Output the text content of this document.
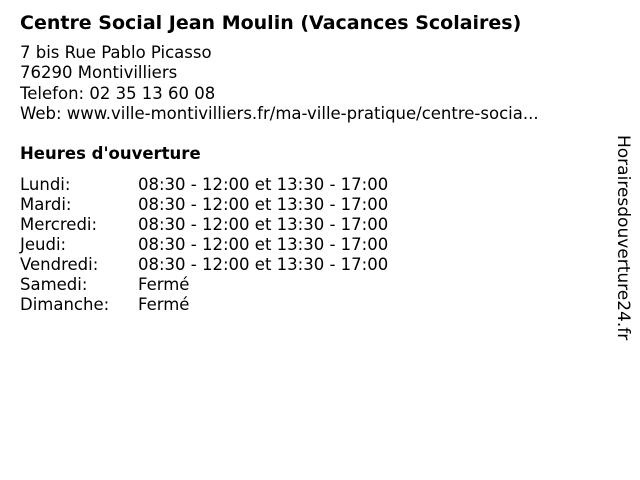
Centre Social Jean Moulin (Vacances Scolaires)
7 bis Rue Pablo Picasso
76290 Montivilliers
Telefon: 02 35 13 60 08
Web: www.ville-montivilliers.fr/ma-ville-pratique/centre-socia...
Heures d'ouverture
Lundi:	08:30 - 12:00 et 13:30 - 17:00
Mardi:	08:30 - 12:00 et 13:30 - 17:00
Mercredi:	08:30 - 12:00 et 13:30 - 17:00
Jeudi:	08:30 - 12:00 et 13:30 - 17:00
Vendredi:	08:30 - 12:00 et 13:30 - 17:00
Samedi:	Fermé
Dimanche:	Fermé	Horairesdouverture24.fr
